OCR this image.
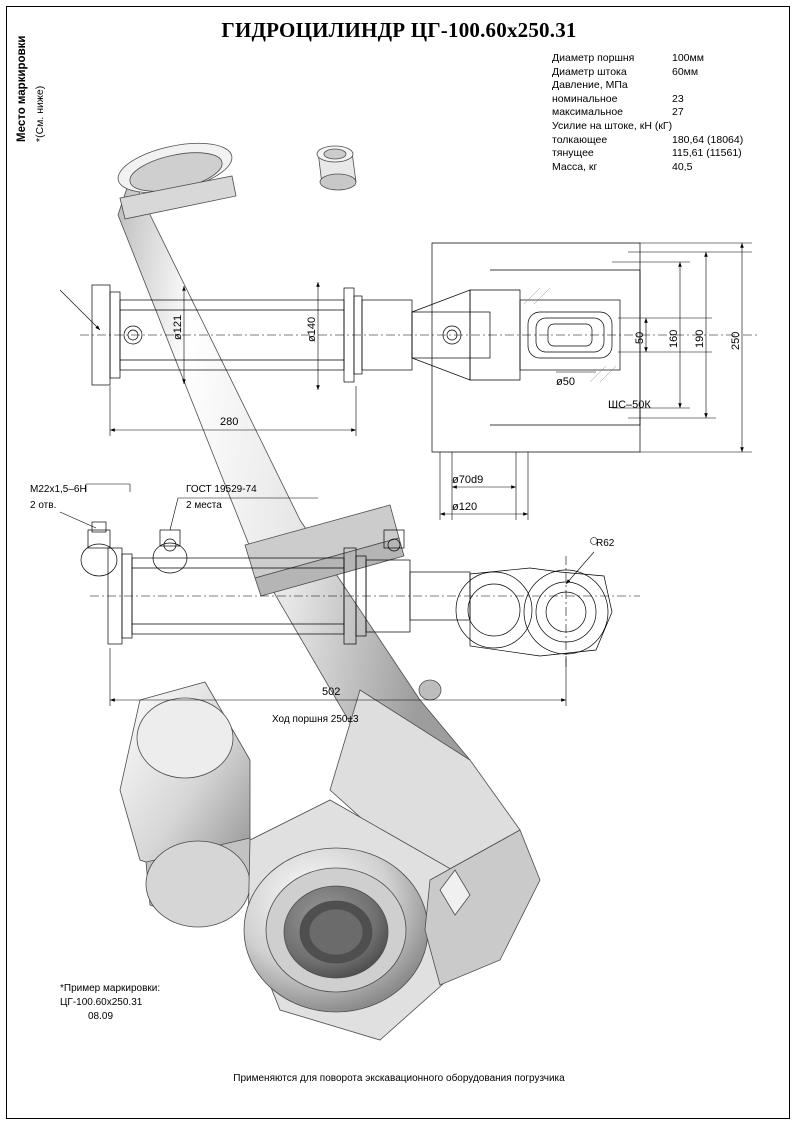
ГИДРОЦИЛИНДР ЦГ-100.60х250.31
Диаметр поршня	100мм
Диаметр штока	60мм
Давление, МПа
номинальное	23
максимальное	27
Усилие на штоке, кН (кГ)
толкающее	180,64 (18064)
тянущее	115,61 (11561)
Масса, кг	40,5
Место маркировки *(См. ниже)
*Пример маркировки:
ЦГ-100.60х250.31
08.09
Применяются для поворота экскавационного оборудования погрузчика
ø121	ø140
280
ø50
ШС–50К
50 160 190 250
ø70d9
ø120
502
Ход поршня 250±3
M22х1,5–6H
2 отв.
ГОСТ 19529-74
2 места
R62
